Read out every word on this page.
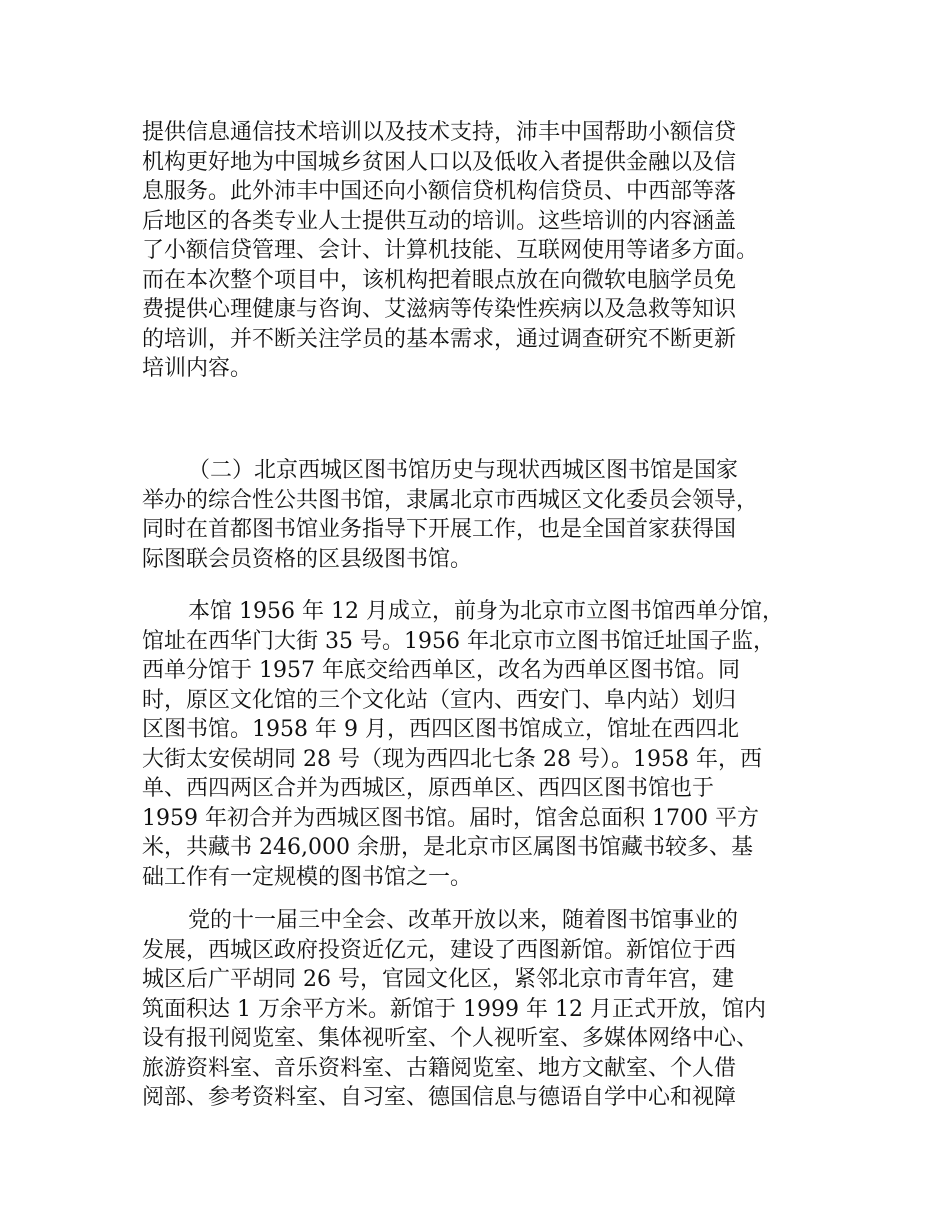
提供信息通信技术培训以及技术支持，沛丰中国帮助小额信贷
机构更好地为中国城乡贫困人口以及低收入者提供金融以及信
息服务。此外沛丰中国还向小额信贷机构信贷员、中西部等落
后地区的各类专业人士提供互动的培训。这些培训的内容涵盖
了小额信贷管理、会计、计算机技能、互联网使用等诸多方面。
而在本次整个项目中，该机构把着眼点放在向微软电脑学员免
费提供心理健康与咨询、艾滋病等传染性疾病以及急救等知识
的培训，并不断关注学员的基本需求，通过调查研究不断更新
培训内容。

（二）北京西城区图书馆历史与现状西城区图书馆是国家
举办的综合性公共图书馆，隶属北京市西城区文化委员会领导，
同时在首都图书馆业务指导下开展工作，也是全国首家获得国
际图联会员资格的区县级图书馆。

本馆 1956 年 12 月成立，前身为北京市立图书馆西单分馆，
馆址在西华门大街 35 号。1956 年北京市立图书馆迁址国子监，
西单分馆于 1957 年底交给西单区，改名为西单区图书馆。同
时，原区文化馆的三个文化站（宣内、西安门、阜内站）划归
区图书馆。1958 年 9 月，西四区图书馆成立，馆址在西四北
大街太安侯胡同 28 号（现为西四北七条 28 号）。1958 年，西
单、西四两区合并为西城区，原西单区、西四区图书馆也于
1959 年初合并为西城区图书馆。届时，馆舍总面积 1700 平方
米，共藏书 246,000 余册，是北京市区属图书馆藏书较多、基
础工作有一定规模的图书馆之一。

党的十一届三中全会、改革开放以来，随着图书馆事业的
发展，西城区政府投资近亿元，建设了西图新馆。新馆位于西
城区后广平胡同 26 号，官园文化区，紧邻北京市青年宫，建
筑面积达 1 万余平方米。新馆于 1999 年 12 月正式开放，馆内
设有报刊阅览室、集体视听室、个人视听室、多媒体网络中心、
旅游资料室、音乐资料室、古籍阅览室、地方文献室、个人借
阅部、参考资料室、自习室、德国信息与德语自学中心和视障
